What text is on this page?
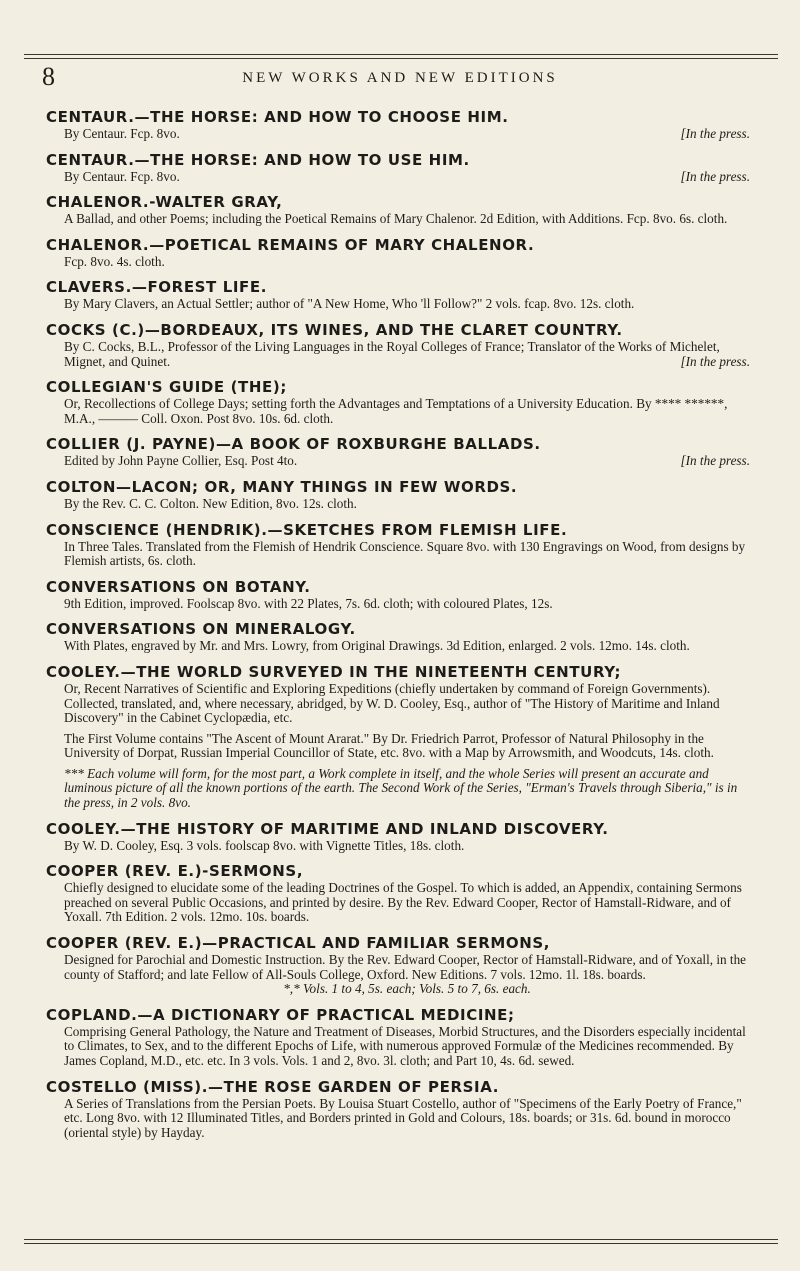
8	NEW WORKS AND NEW EDITIONS
CENTAUR.—THE HORSE: AND HOW TO CHOOSE HIM.
By Centaur. Fcp. 8vo.	[In the press.
CENTAUR.—THE HORSE: AND HOW TO USE HIM.
By Centaur. Fcp. 8vo.	[In the press.
CHALENOR.-WALTER GRAY,

A Ballad, and other Poems; including the Poetical Remains of Mary Chalenor. 2d Edition, with Additions. Fcp. 8vo. 6s. cloth.

CHALENOR.—POETICAL REMAINS OF MARY CHALENOR.

Fcp. 8vo. 4s. cloth.

CLAVERS.—FOREST LIFE.

By Mary Clavers, an Actual Settler; author of "A New Home, Who 'll Follow?" 2 vols. fcap. 8vo. 12s. cloth.

COCKS (C.)—BORDEAUX, ITS WINES, AND THE CLARET COUNTRY.

By C. Cocks, B.L., Professor of the Living Languages in the Royal Colleges of France; Translator of the Works of Michelet, Mignet, and Quinet.	[In the press.

COLLEGIAN'S GUIDE (THE);

Or, Recollections of College Days; setting forth the Advantages and Temptations of a University Education. By **** ******, M.A., ——— Coll. Oxon. Post 8vo. 10s. 6d. cloth.

COLLIER (J. PAYNE)—A BOOK OF ROXBURGHE BALLADS.
Edited by John Payne Collier, Esq. Post 4to.	[In the press.
COLTON—LACON; OR, MANY THINGS IN FEW WORDS.

By the Rev. C. C. Colton. New Edition, 8vo. 12s. cloth.

CONSCIENCE (HENDRIK).—SKETCHES FROM FLEMISH LIFE.

In Three Tales. Translated from the Flemish of Hendrik Conscience. Square 8vo. with 130 Engravings on Wood, from designs by Flemish artists, 6s. cloth.

CONVERSATIONS ON BOTANY.

9th Edition, improved. Foolscap 8vo. with 22 Plates, 7s. 6d. cloth; with coloured Plates, 12s.

CONVERSATIONS ON MINERALOGY.

With Plates, engraved by Mr. and Mrs. Lowry, from Original Drawings. 3d Edition, enlarged. 2 vols. 12mo. 14s. cloth.

COOLEY.—THE WORLD SURVEYED IN THE NINETEENTH CENTURY;

Or, Recent Narratives of Scientific and Exploring Expeditions (chiefly undertaken by command of Foreign Governments). Collected, translated, and, where necessary, abridged, by W. D. Cooley, Esq., author of "The History of Maritime and Inland Discovery" in the Cabinet Cyclopædia, etc.

The First Volume contains "The Ascent of Mount Ararat." By Dr. Friedrich Parrot, Professor of Natural Philosophy in the University of Dorpat, Russian Imperial Councillor of State, etc. 8vo. with a Map by Arrowsmith, and Woodcuts, 14s. cloth.

*** Each volume will form, for the most part, a Work complete in itself, and the whole Series will present an accurate and luminous picture of all the known portions of the earth. The Second Work of the Series, "Erman's Travels through Siberia," is in the press, in 2 vols. 8vo.

COOLEY.—THE HISTORY OF MARITIME AND INLAND DISCOVERY.

By W. D. Cooley, Esq. 3 vols. foolscap 8vo. with Vignette Titles, 18s. cloth.

COOPER (REV. E.)-SERMONS,

Chiefly designed to elucidate some of the leading Doctrines of the Gospel. To which is added, an Appendix, containing Sermons preached on several Public Occasions, and printed by desire. By the Rev. Edward Cooper, Rector of Hamstall-Ridware, and of Yoxall. 7th Edition. 2 vols. 12mo. 10s. boards.

COOPER (REV. E.)—PRACTICAL AND FAMILIAR SERMONS,

Designed for Parochial and Domestic Instruction. By the Rev. Edward Cooper, Rector of Hamstall-Ridware, and of Yoxall, in the county of Stafford; and late Fellow of All-Souls College, Oxford. New Editions. 7 vols. 12mo. 1l. 18s. boards.

*,* Vols. 1 to 4, 5s. each; Vols. 5 to 7, 6s. each.

COPLAND.—A DICTIONARY OF PRACTICAL MEDICINE;

Comprising General Pathology, the Nature and Treatment of Diseases, Morbid Structures, and the Disorders especially incidental to Climates, to Sex, and to the different Epochs of Life, with numerous approved Formulæ of the Medicines recommended. By James Copland, M.D., etc. etc. In 3 vols. Vols. 1 and 2, 8vo. 3l. cloth; and Part 10, 4s. 6d. sewed.

COSTELLO (MISS).—THE ROSE GARDEN OF PERSIA.

A Series of Translations from the Persian Poets. By Louisa Stuart Costello, author of "Specimens of the Early Poetry of France," etc. Long 8vo. with 12 Illuminated Titles, and Borders printed in Gold and Colours, 18s. boards; or 31s. 6d. bound in morocco (oriental style) by Hayday.
